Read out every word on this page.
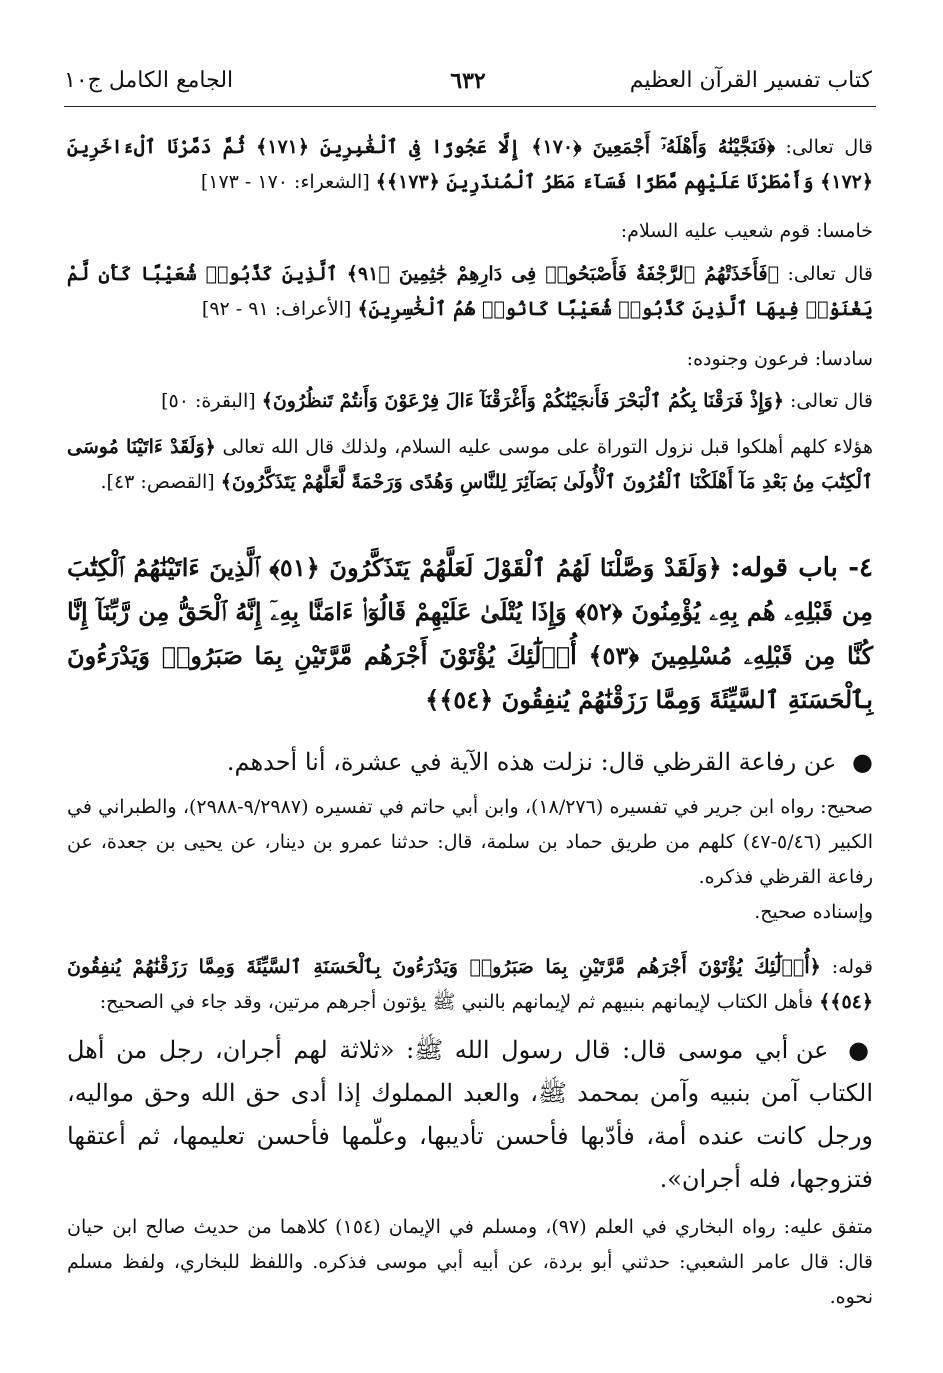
كتاب تفسير القرآن العظيم
٦٣٢
الجامع الكامل ج١٠

قال تعالى: ﴿فَنَجَّيْنَٰهُ وَأَهْلَهُۥٓ أَجْمَعِينَ ﴿١٧٠﴾ إِلَّا عَجُوزًا فِى ٱلْغَٰبِرِينَ ﴿١٧١﴾ ثُمَّ دَمَّرْنَا ٱلْءَاخَرِينَ ﴿١٧٢﴾ وَأَمْطَرْنَا عَلَيْهِم مَّطَرًا فَسَآءَ مَطَرُ ٱلْمُنذَرِينَ ﴿١٧٣﴾﴾ [الشعراء: ١٧٠ - ١٧٣]

خامسا: قوم شعيب عليه السلام:

قال تعالى: ﴿فَأَخَذَتْهُمُ ٱلرَّجْفَةُ فَأَصْبَحُوا۟ فِى دَارِهِمْ جَٰثِمِينَ ﴿٩١﴾ ٱلَّذِينَ كَذَّبُوا۟ شُعَيْبًا كَأَن لَّمْ يَغْنَوْا۟ فِيهَا ٱلَّذِينَ كَذَّبُوا۟ شُعَيْبًا كَانُوا۟ هُمُ ٱلْخَٰسِرِينَ﴾ [الأعراف: ٩١ - ٩٢]

سادسا: فرعون وجنوده:

قال تعالى: ﴿وَإِذْ فَرَقْنَا بِكُمُ ٱلْبَحْرَ فَأَنجَيْنَٰكُمْ وَأَغْرَقْنَآ ءَالَ فِرْعَوْنَ وَأَنتُمْ تَنظُرُونَ﴾ [البقرة: ٥٠]

هؤلاء كلهم أهلكوا قبل نزول التوراة على موسى عليه السلام، ولذلك قال الله تعالى ﴿وَلَقَدْ ءَاتَيْنَا مُوسَى ٱلْكِتَٰبَ مِنۢ بَعْدِ مَآ أَهْلَكْنَا ٱلْقُرُونَ ٱلْأُولَىٰ بَصَآئِرَ لِلنَّاسِ وَهُدًى وَرَحْمَةً لَّعَلَّهُمْ يَتَذَكَّرُونَ﴾ [القصص: ٤٣].

٤- باب قوله: ﴿وَلَقَدْ وَصَّلْنَا لَهُمُ ٱلْقَوْلَ لَعَلَّهُمْ يَتَذَكَّرُونَ ﴿٥١﴾ ٱلَّذِينَ ءَاتَيْنَٰهُمُ ٱلْكِتَٰبَ مِن قَبْلِهِۦ هُم بِهِۦ يُؤْمِنُونَ ﴿٥٢﴾ وَإِذَا يُتْلَىٰ عَلَيْهِمْ قَالُوٓا۟ ءَامَنَّا بِهِۦٓ إِنَّهُ ٱلْحَقُّ مِن رَّبِّنَآ إِنَّا كُنَّا مِن قَبْلِهِۦ مُسْلِمِينَ ﴿٥٣﴾ أُو۟لَٰٓئِكَ يُؤْتَوْنَ أَجْرَهُم مَّرَّتَيْنِ بِمَا صَبَرُوا۟ وَيَدْرَءُونَ بِٱلْحَسَنَةِ ٱلسَّيِّئَةَ وَمِمَّا رَزَقْنَٰهُمْ يُنفِقُونَ ﴿٥٤﴾﴾

● عن رفاعة القرظي قال: نزلت هذه الآية في عشرة، أنا أحدهم.

صحيح: رواه ابن جرير في تفسيره (١٨/٢٧٦)، وابن أبي حاتم في تفسيره (٩/٢٩٨٧-٢٩٨٨)، والطبراني في الكبير (٥/٤٦-٤٧) كلهم من طريق حماد بن سلمة، قال: حدثنا عمرو بن دينار، عن يحيى بن جعدة، عن رفاعة القرظي فذكره.

وإسناده صحيح.

قوله: ﴿أُو۟لَٰٓئِكَ يُؤْتَوْنَ أَجْرَهُم مَّرَّتَيْنِ بِمَا صَبَرُوا۟ وَيَدْرَءُونَ بِٱلْحَسَنَةِ ٱلسَّيِّئَةَ وَمِمَّا رَزَقْنَٰهُمْ يُنفِقُونَ ﴿٥٤﴾﴾ فأهل الكتاب لإيمانهم بنبيهم ثم لإيمانهم بالنبي ﷺ يؤتون أجرهم مرتين، وقد جاء في الصحيح:

● عن أبي موسى قال: قال رسول الله ﷺ: «ثلاثة لهم أجران، رجل من أهل الكتاب آمن بنبيه وآمن بمحمد ﷺ، والعبد المملوك إذا أدى حق الله وحق مواليه، ورجل كانت عنده أمة، فأدّبها فأحسن تأديبها، وعلّمها فأحسن تعليمها، ثم أعتقها فتزوجها، فله أجران».

متفق عليه: رواه البخاري في العلم (٩٧)، ومسلم في الإيمان (١٥٤) كلاهما من حديث صالح ابن حيان قال: قال عامر الشعبي: حدثني أبو بردة، عن أبيه أبي موسى فذكره. واللفظ للبخاري، ولفظ مسلم نحوه.
